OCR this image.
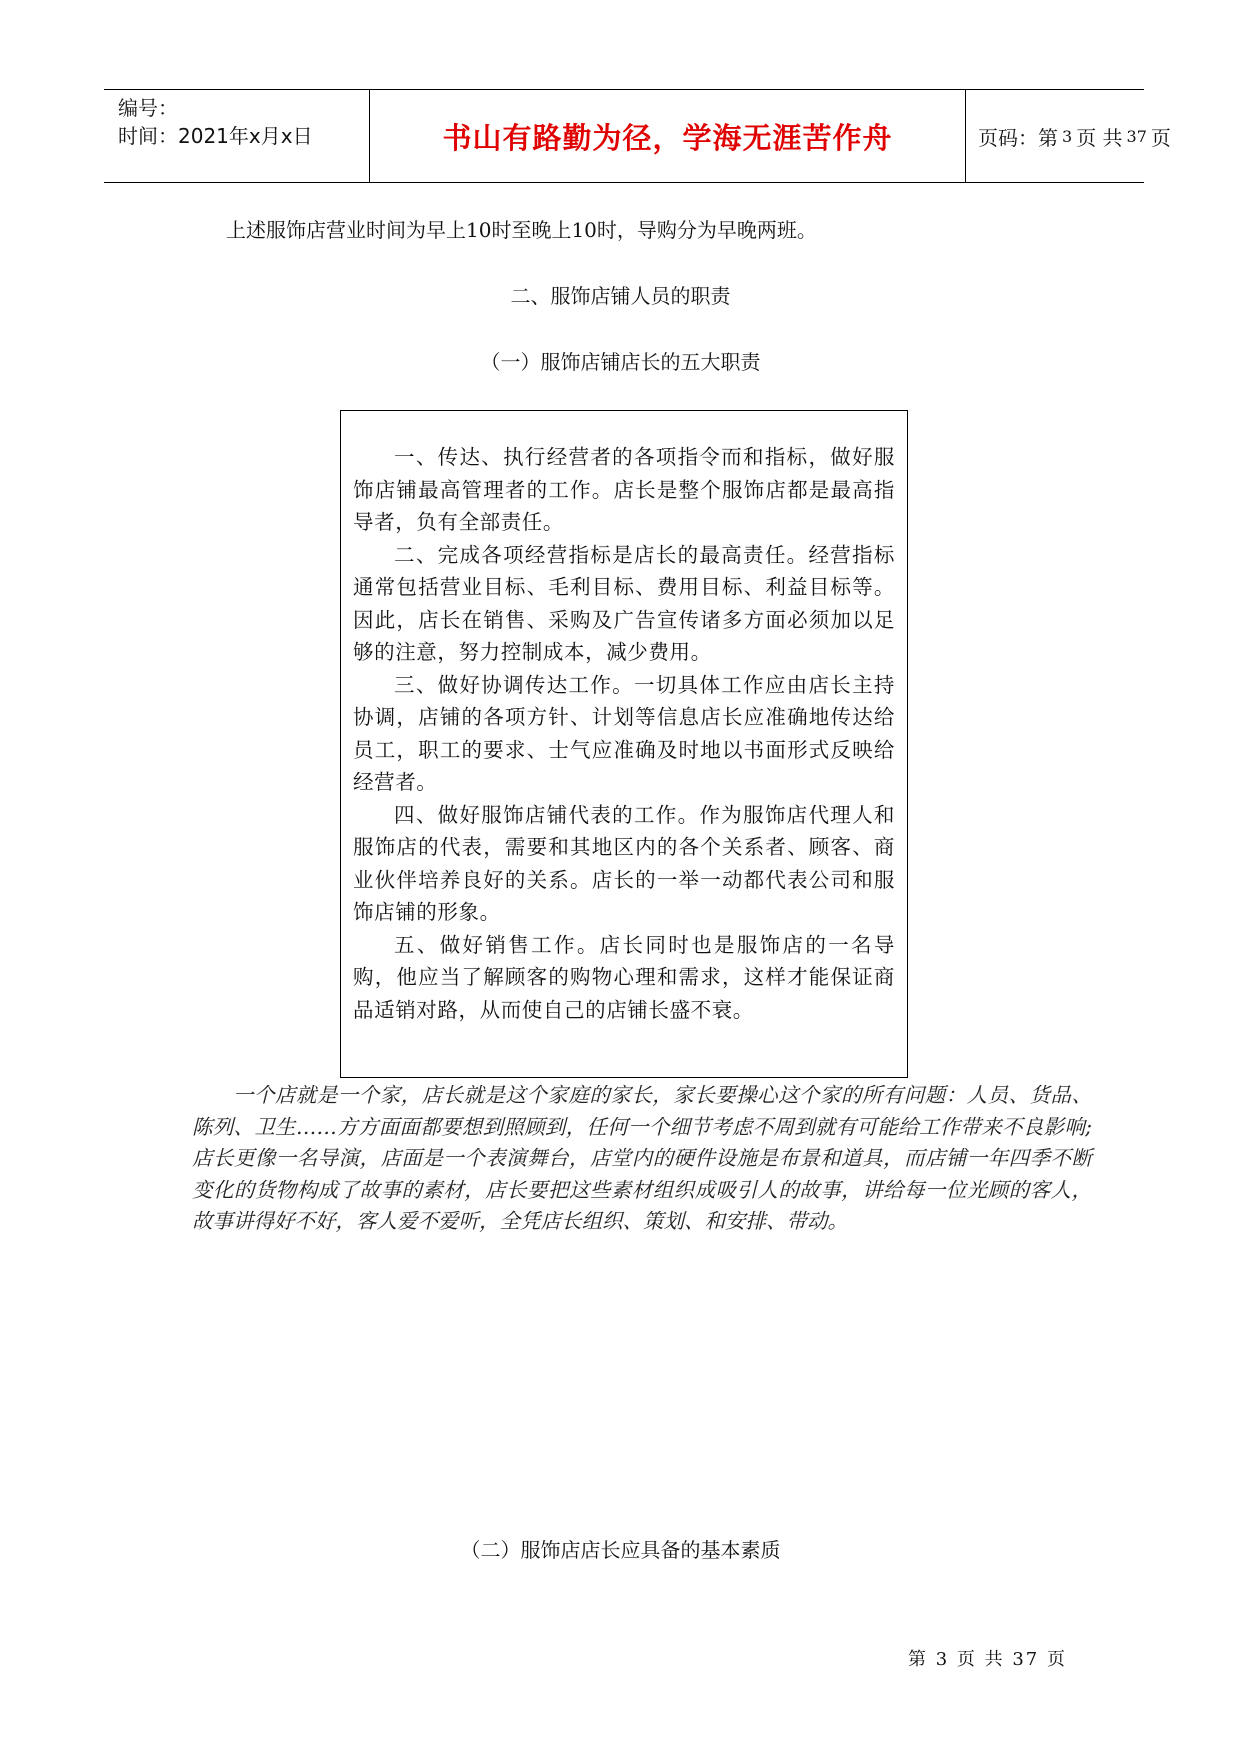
编号：
时间：2021年x月x日	书山有路勤为径，学海无涯苦作舟	页码：第 3 页 共 37 页
上述服饰店营业时间为早上10时至晚上10时，导购分为早晚两班。
二、服饰店铺人员的职责
（一）服饰店铺店长的五大职责

一、传达、执行经营者的各项指令而和指标，做好服饰店铺最高管理者的工作。店长是整个服饰店都是最高指导者，负有全部责任。

二、完成各项经营指标是店长的最高责任。经营指标通常包括营业目标、毛利目标、费用目标、利益目标等。因此，店长在销售、采购及广告宣传诸多方面必须加以足够的注意，努力控制成本，减少费用。

三、做好协调传达工作。一切具体工作应由店长主持协调，店铺的各项方针、计划等信息店长应准确地传达给员工，职工的要求、士气应准确及时地以书面形式反映给经营者。

四、做好服饰店铺代表的工作。作为服饰店代理人和服饰店的代表，需要和其地区内的各个关系者、顾客、商业伙伴培养良好的关系。店长的一举一动都代表公司和服饰店铺的形象。

五、做好销售工作。店长同时也是服饰店的一名导购，他应当了解顾客的购物心理和需求，这样才能保证商品适销对路，从而使自己的店铺长盛不衰。

一个店就是一个家，店长就是这个家庭的家长，家长要操心这个家的所有问题：人员、货品、陈列、卫生……方方面面都要想到照顾到，任何一个细节考虑不周到就有可能给工作带来不良影响;店长更像一名导演，店面是一个表演舞台，店堂内的硬件设施是布景和道具，而店铺一年四季不断变化的货物构成了故事的素材，店长要把这些素材组织成吸引人的故事，讲给每一位光顾的客人，故事讲得好不好，客人爱不爱听，全凭店长组织、策划、和安排、带动。

（二）服饰店店长应具备的基本素质
第 3 页 共 37 页
